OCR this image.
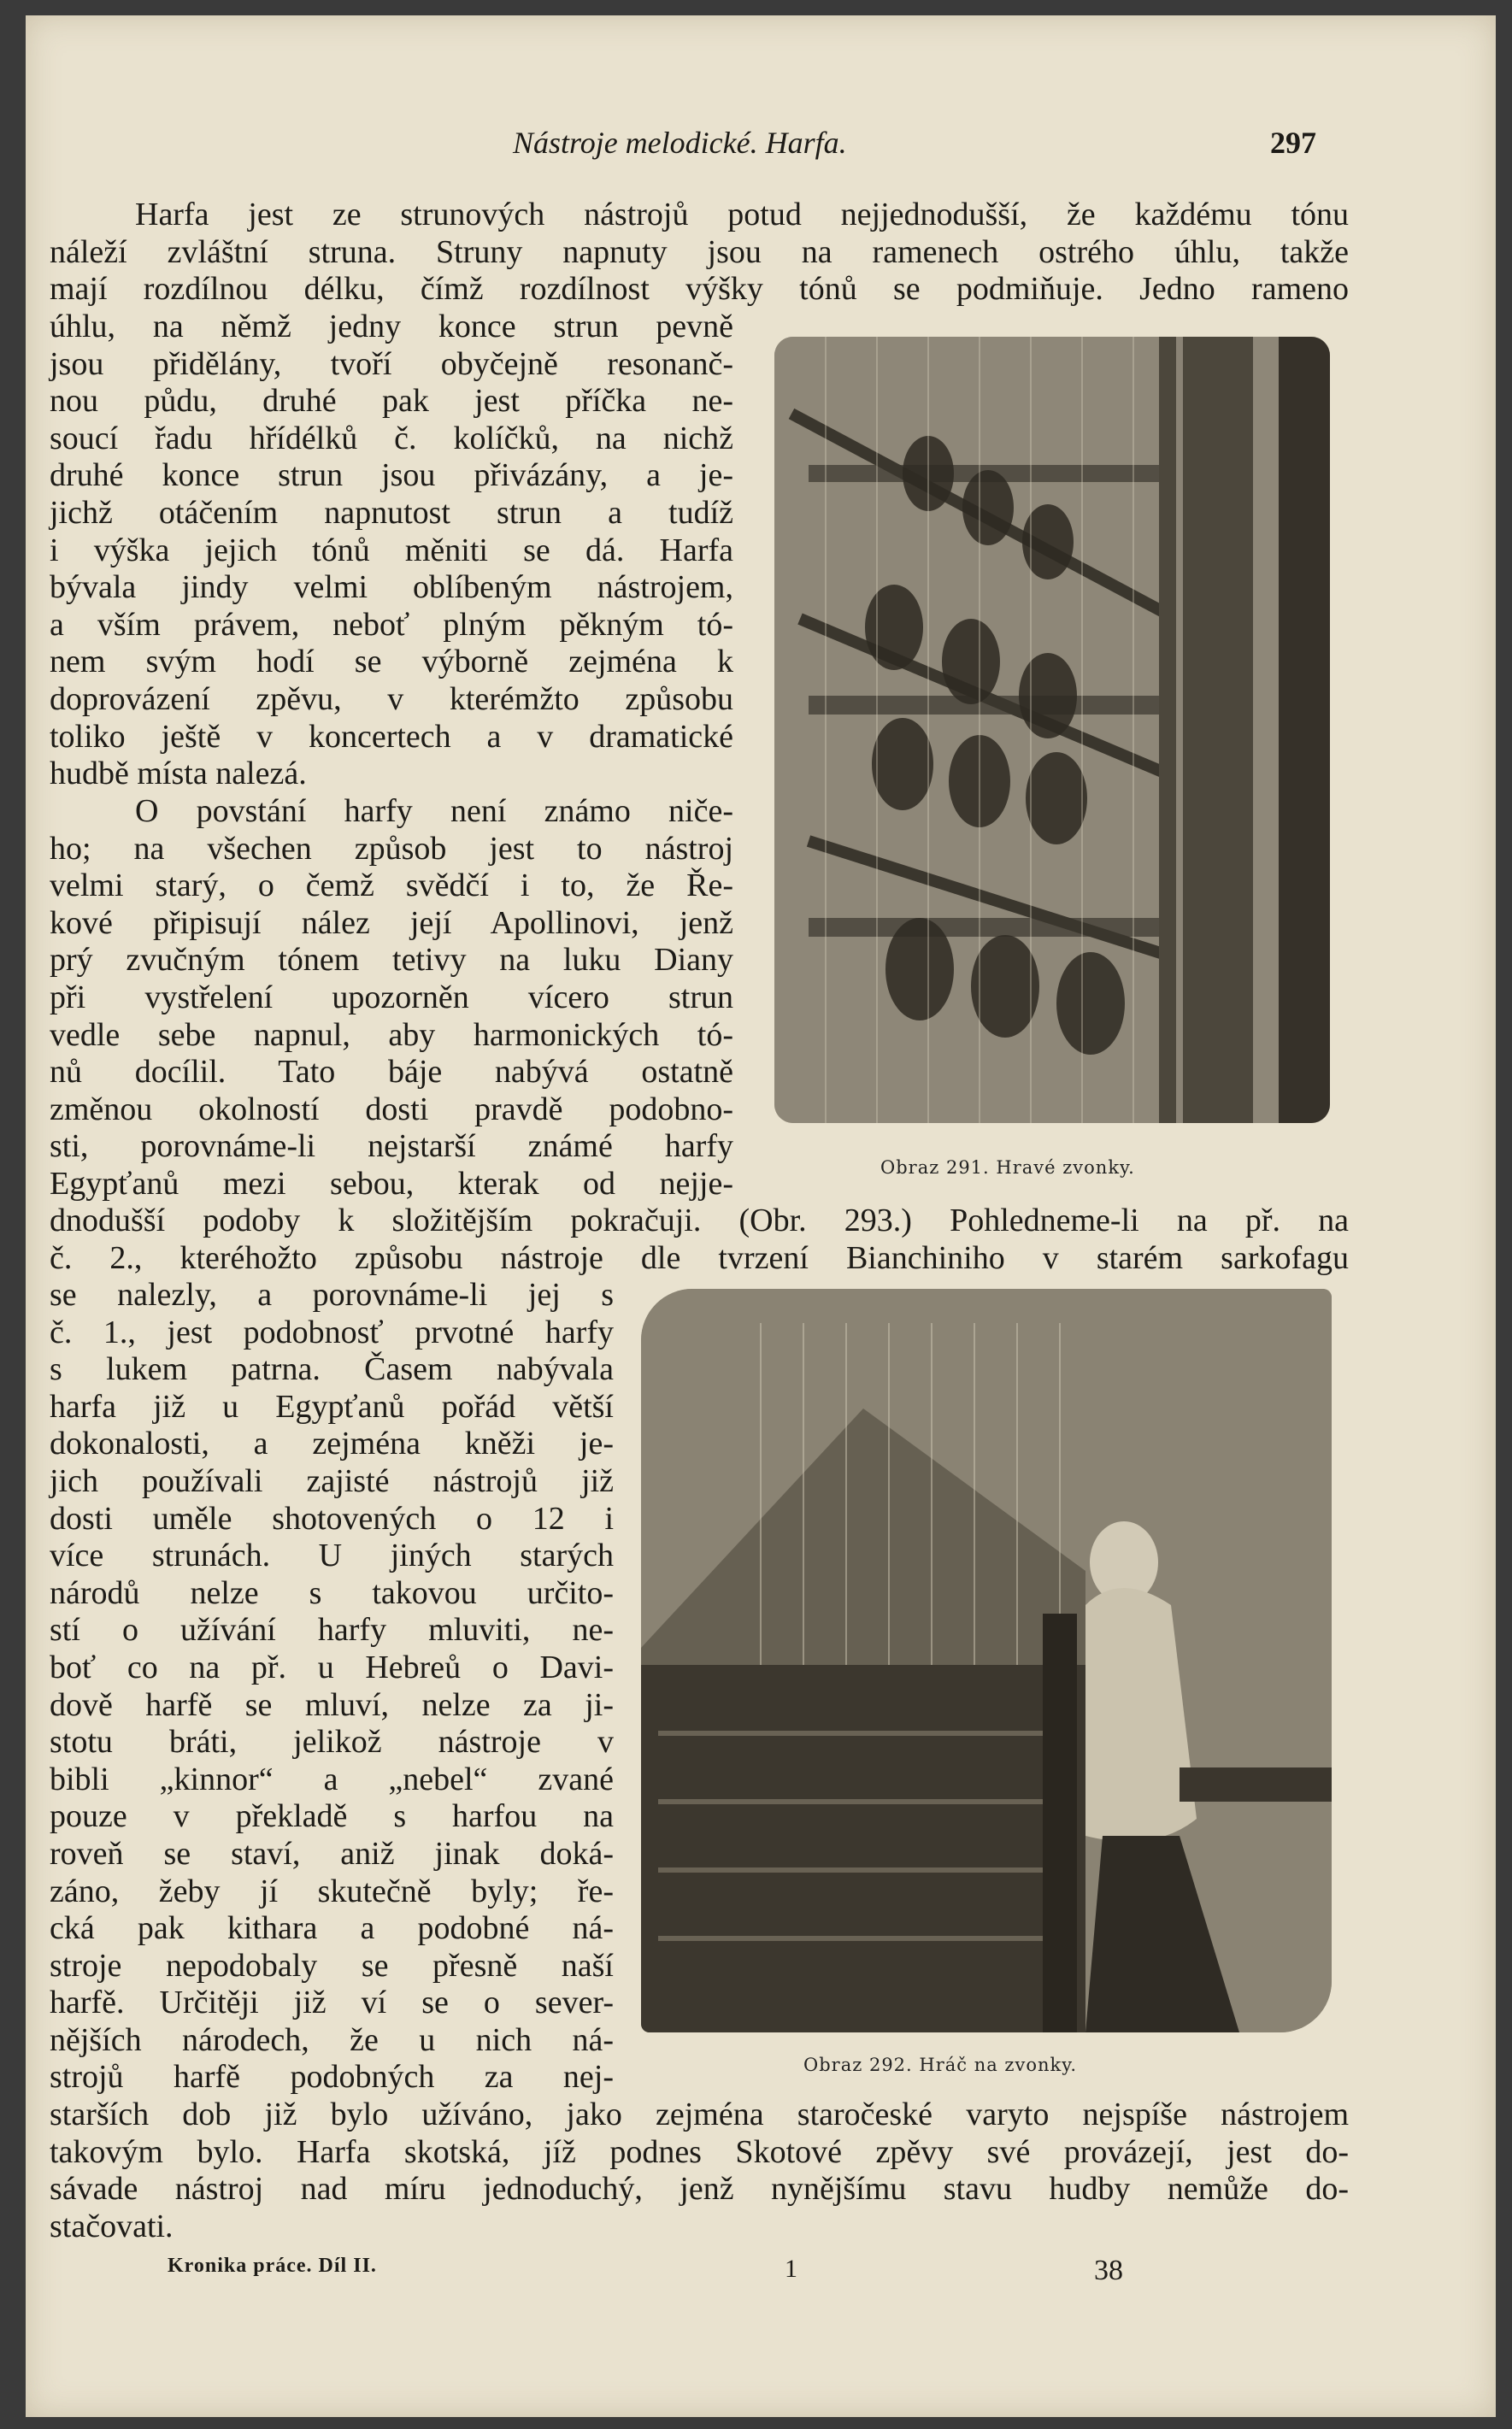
Nástroje melodické. Harfa.	297
Harfa jest ze strunových nástrojů potud nejjednodušší, že každému tónu
náleží zvláštní struna. Struny napnuty jsou na ramenech ostrého úhlu, takže
mají rozdílnou délku, čímž rozdílnost výšky tónů se podmiňuje. Jedno rameno
úhlu, na němž jedny konce strun pevně
jsou přidělány, tvoří obyčejně resonanč-
nou půdu, druhé pak jest příčka ne-
soucí řadu hřídélků č. kolíčků, na nichž
druhé konce strun jsou přivázány, a je-
jichž otáčením napnutost strun a tudíž
i výška jejich tónů měniti se dá. Harfa
bývala jindy velmi oblíbeným nástrojem,
a vším právem, neboť plným pěkným tó-
nem svým hodí se výborně zejména k
doprovázení zpěvu, v kterémžto způsobu
toliko ještě v koncertech a v dramatické
hudbě místa nalezá.
O povstání harfy není známo niče-
ho; na všechen způsob jest to nástroj
velmi starý, o čemž svědčí i to, že Ře-
kové připisují nález její Apollinovi, jenž
prý zvučným tónem tetivy na luku Diany
při vystřelení upozorněn vícero strun
vedle sebe napnul, aby harmonických tó-
nů docílil. Tato báje nabývá ostatně
změnou okolností dosti pravdě podobno-
sti, porovnáme-li nejstarší známé harfy
Egypťanů mezi sebou, kterak od nejje-
dnodušší podoby k složitějším pokračuji. (Obr. 293.) Pohledneme-li na př. na
č. 2., kteréhožto způsobu nástroje dle tvrzení Bianchiniho v starém sarkofagu
se nalezly, a porovnáme-li jej s
č. 1., jest podobnosť prvotné harfy
s lukem patrna. Časem nabývala
harfa již u Egypťanů pořád větší
dokonalosti, a zejména kněži je-
jich používali zajisté nástrojů již
dosti uměle shotovených o 12 i
více strunách. U jiných starých
národů nelze s takovou určito-
stí o užívání harfy mluviti, ne-
boť co na př. u Hebreů o Davi-
dově harfě se mluví, nelze za ji-
stotu bráti, jelikož nástroje v
bibli „kinnor“ a „nebel“ zvané
pouze v překladě s harfou na
roveň se staví, aniž jinak doká-
záno, žeby jí skutečně byly; ře-
cká pak kithara a podobné ná-
stroje nepodobaly se přesně naší
harfě. Určitěji již ví se o sever-
nějších národech, že u nich ná-
strojů harfě podobných za nej-
starších dob již bylo užíváno, jako zejména staročeské varyto nejspíše nástrojem
takovým bylo. Harfa skotská, jíž podnes Skotové zpěvy své provázejí, jest do-
sávade nástroj nad míru jednoduchý, jenž nynějšímu stavu hudby nemůže do-
stačovati.
Obraz 291. Hravé zvonky.
Obraz 292. Hráč na zvonky.
Kronika práce. Díl II.	1	38
